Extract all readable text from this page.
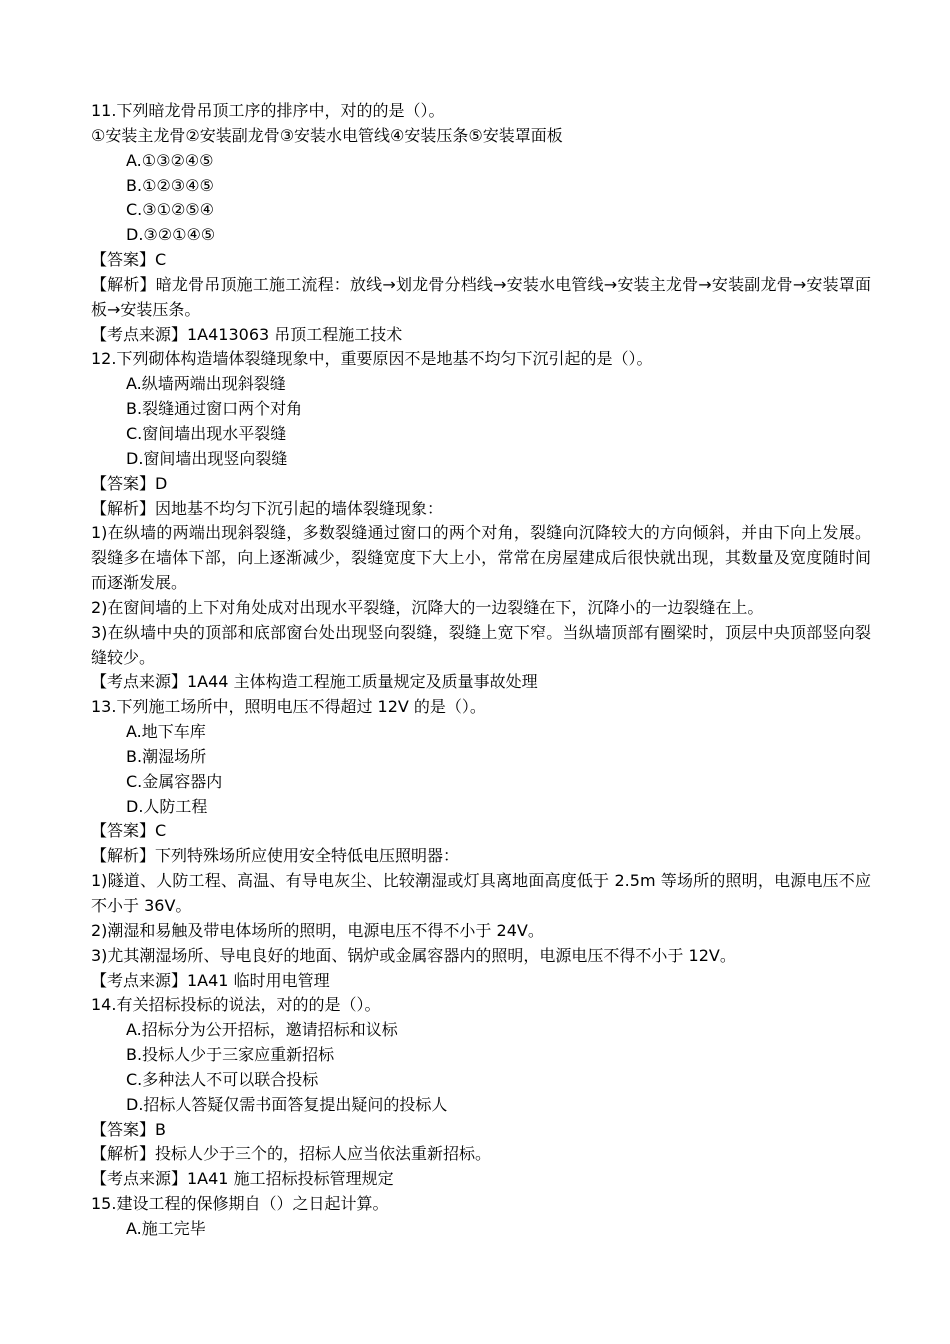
11.下列暗龙骨吊顶工序的排序中，对的的是（）。
①安装主龙骨②安装副龙骨③安装水电管线④安装压条⑤安装罩面板
A.①③②④⑤
B.①②③④⑤
C.③①②⑤④
D.③②①④⑤
【答案】C
【解析】暗龙骨吊顶施工施工流程：放线→划龙骨分档线→安装水电管线→安装主龙骨→安装副龙骨→安装罩面板→安装压条。
【考点来源】1A413063 吊顶工程施工技术
12.下列砌体构造墙体裂缝现象中，重要原因不是地基不均匀下沉引起的是（）。
A.纵墙两端出现斜裂缝
B.裂缝通过窗口两个对角
C.窗间墙出现水平裂缝
D.窗间墙出现竖向裂缝
【答案】D
【解析】因地基不均匀下沉引起的墙体裂缝现象：
1)在纵墙的两端出现斜裂缝，多数裂缝通过窗口的两个对角，裂缝向沉降较大的方向倾斜，并由下向上发展。裂缝多在墙体下部，向上逐渐减少，裂缝宽度下大上小，常常在房屋建成后很快就出现，其数量及宽度随时间而逐渐发展。
2)在窗间墙的上下对角处成对出现水平裂缝，沉降大的一边裂缝在下，沉降小的一边裂缝在上。
3)在纵墙中央的顶部和底部窗台处出现竖向裂缝，裂缝上宽下窄。当纵墙顶部有圈梁时，顶层中央顶部竖向裂缝较少。
【考点来源】1A44 主体构造工程施工质量规定及质量事故处理
13.下列施工场所中，照明电压不得超过 12V 的是（）。
A.地下车库
B.潮湿场所
C.金属容器内
D.人防工程
【答案】C
【解析】下列特殊场所应使用安全特低电压照明器：
1)隧道、人防工程、高温、有导电灰尘、比较潮湿或灯具离地面高度低于 2.5m 等场所的照明，电源电压不应不小于 36V。
2)潮湿和易触及带电体场所的照明，电源电压不得不小于 24V。
3)尤其潮湿场所、导电良好的地面、锅炉或金属容器内的照明，电源电压不得不小于 12V。
【考点来源】1A41 临时用电管理
14.有关招标投标的说法，对的的是（）。
A.招标分为公开招标，邀请招标和议标
B.投标人少于三家应重新招标
C.多种法人不可以联合投标
D.招标人答疑仅需书面答复提出疑问的投标人
【答案】B
【解析】投标人少于三个的，招标人应当依法重新招标。
【考点来源】1A41 施工招标投标管理规定
15.建设工程的保修期自（）之日起计算。
A.施工完毕
